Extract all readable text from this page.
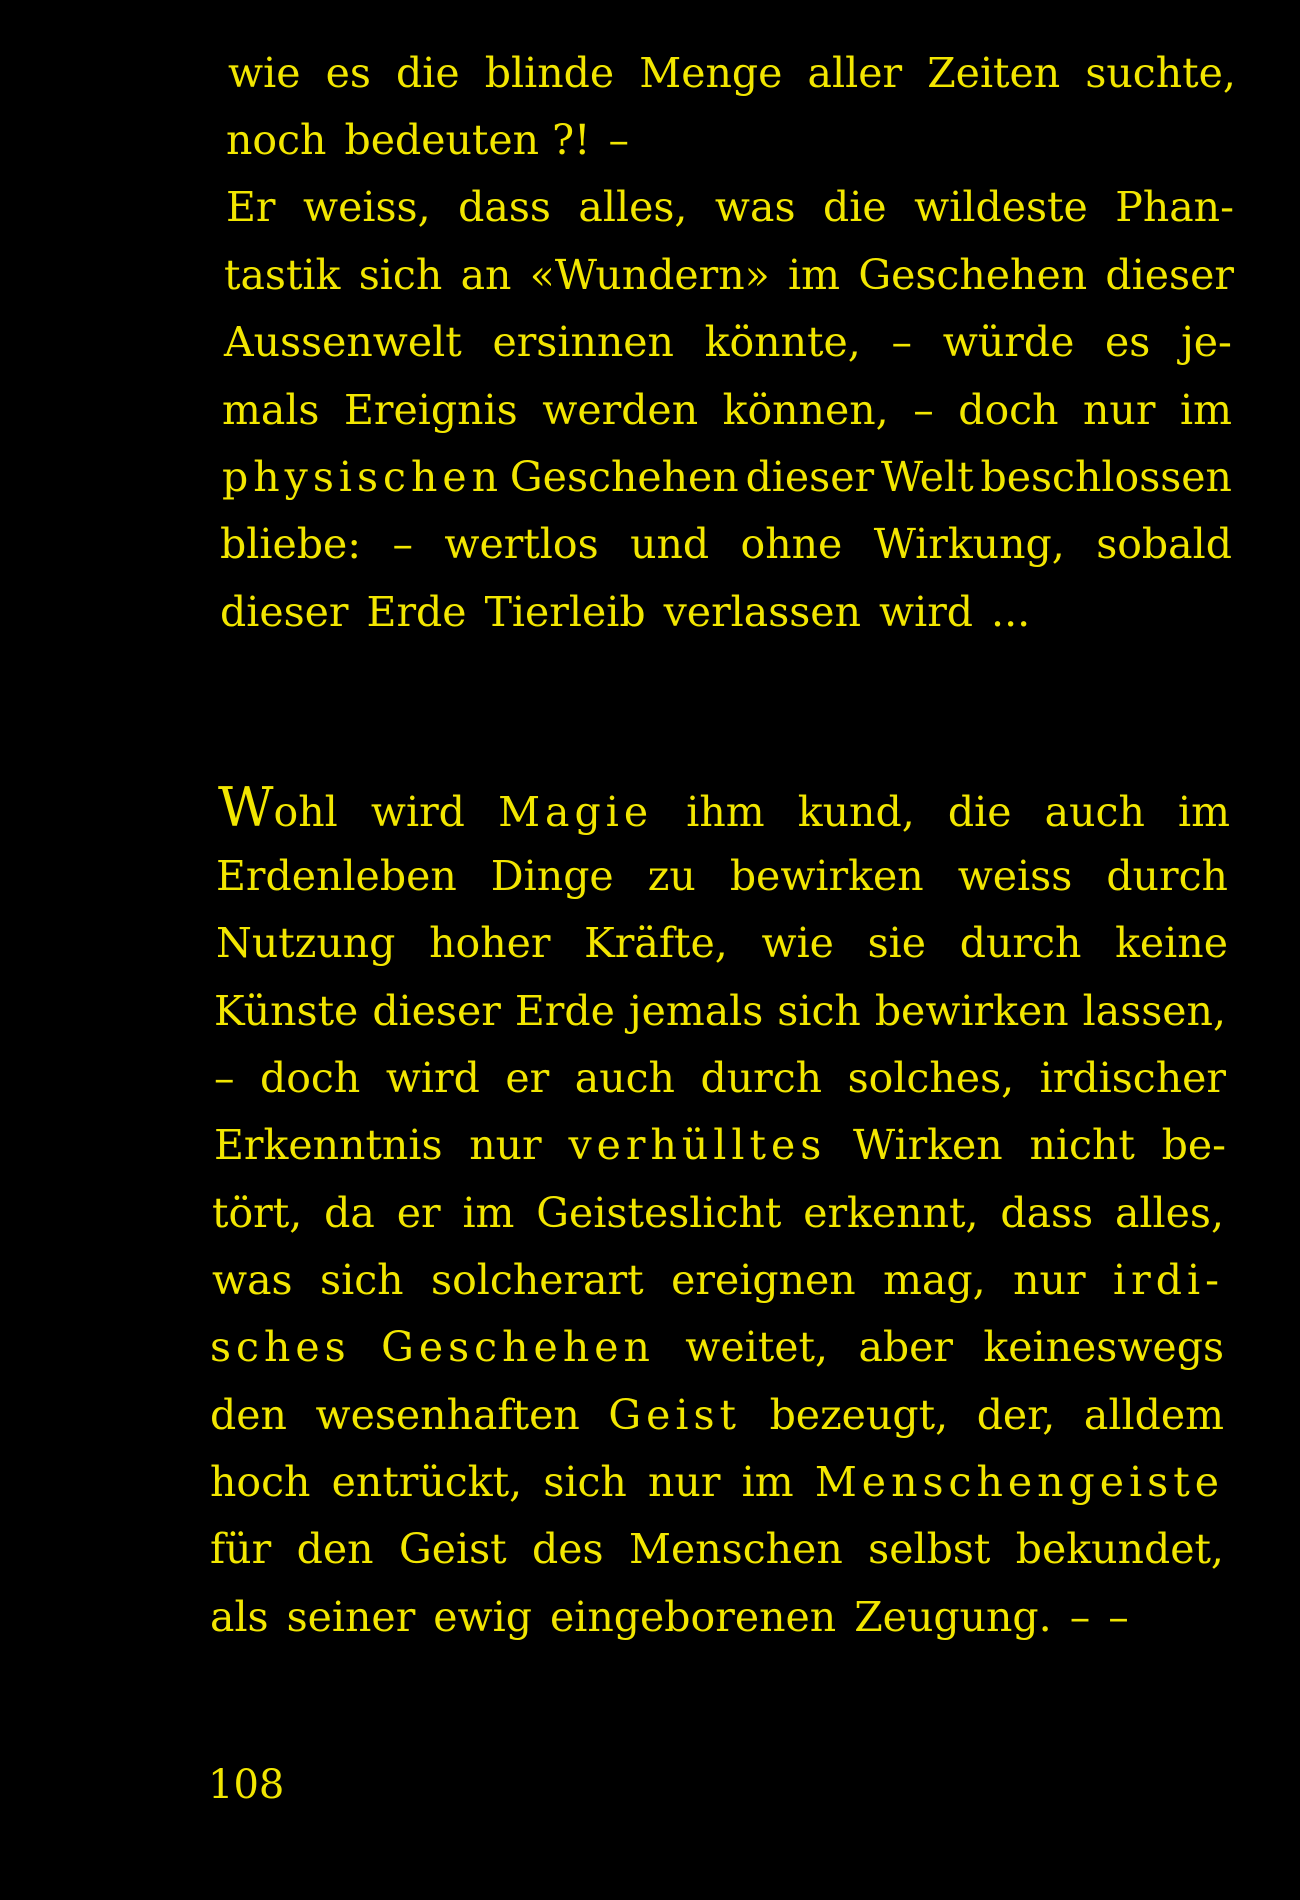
wie es die blinde Menge aller Zeiten suchte,
noch bedeuten ?! –
Er weiss, dass alles, was die wildeste Phan-
tastik sich an «Wundern» im Geschehen dieser
Aussenwelt ersinnen könnte, – würde es je-
mals Ereignis werden können, – doch nur im
physischen Geschehen dieser Welt beschlossen
bliebe: – wertlos und ohne Wirkung, sobald
dieser Erde Tierleib verlassen wird ...
Wohl wird Magie ihm kund, die auch im
Erdenleben Dinge zu bewirken weiss durch
Nutzung hoher Kräfte, wie sie durch keine
Künste dieser Erde jemals sich bewirken lassen,
– doch wird er auch durch solches, irdischer
Erkenntnis nur verhülltes Wirken nicht be-
tört, da er im Geisteslicht erkennt, dass alles,
was sich solcherart ereignen mag, nur irdi-
sches Geschehen weitet, aber keineswegs
den wesenhaften Geist bezeugt, der, alldem
hoch entrückt, sich nur im Menschengeiste
für den Geist des Menschen selbst bekundet,
als seiner ewig eingeborenen Zeugung. – –
108
